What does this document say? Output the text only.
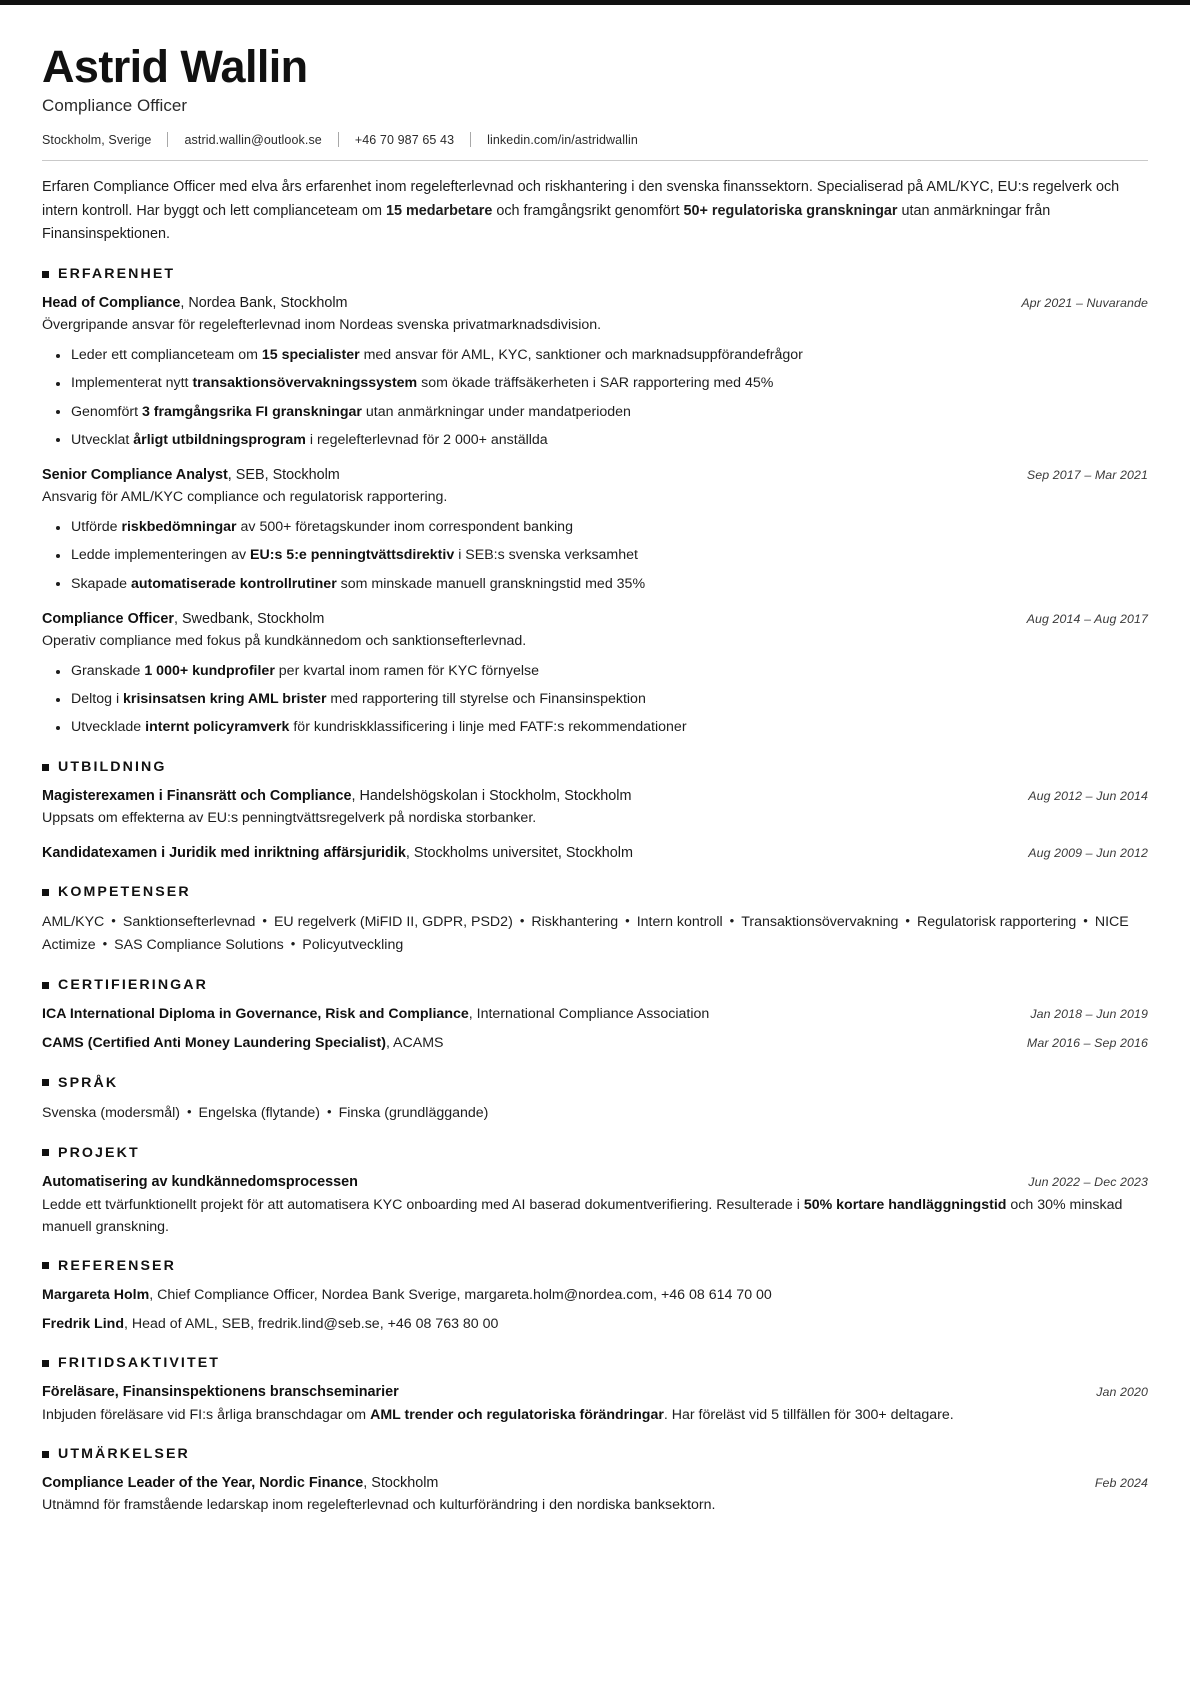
Astrid Wallin
Compliance Officer
Stockholm, Sverige	astrid.wallin@outlook.se	+46 70 987 65 43	linkedin.com/in/astridwallin

Erfaren Compliance Officer med elva års erfarenhet inom regelefterlevnad och riskhantering i den svenska finanssektorn. Specialiserad på AML/KYC, EU:s regelverk och intern kontroll. Har byggt och lett complianceteam om 15 medarbetare och framgångsrikt genomfört 50+ regulatoriska granskningar utan anmärkningar från Finansinspektionen.

ERFARENHET
Head of Compliance, Nordea Bank, Stockholm	Apr 2021 – Nuvarande
Övergripande ansvar för regelefterlevnad inom Nordeas svenska privatmarknadsdivision.
Leder ett complianceteam om 15 specialister med ansvar för AML, KYC, sanktioner och marknadsuppförandefrågor
Implementerat nytt transaktionsövervakningssystem som ökade träffsäkerheten i SAR rapportering med 45%
Genomfört 3 framgångsrika FI granskningar utan anmärkningar under mandatperioden
Utvecklat årligt utbildningsprogram i regelefterlevnad för 2 000+ anställda
Senior Compliance Analyst, SEB, Stockholm	Sep 2017 – Mar 2021
Ansvarig för AML/KYC compliance och regulatorisk rapportering.
Utförde riskbedömningar av 500+ företagskunder inom correspondent banking
Ledde implementeringen av EU:s 5:e penningtvättsdirektiv i SEB:s svenska verksamhet
Skapade automatiserade kontrollrutiner som minskade manuell granskningstid med 35%
Compliance Officer, Swedbank, Stockholm	Aug 2014 – Aug 2017
Operativ compliance med fokus på kundkännedom och sanktionsefterlevnad.
Granskade 1 000+ kundprofiler per kvartal inom ramen för KYC förnyelse
Deltog i krisinsatsen kring AML brister med rapportering till styrelse och Finansinspektion
Utvecklade internt policyramverk för kundriskklassificering i linje med FATF:s rekommendationer
UTBILDNING
Magisterexamen i Finansrätt och Compliance, Handelshögskolan i Stockholm, Stockholm	Aug 2012 – Jun 2014
Uppsats om effekterna av EU:s penningtvättsregelverk på nordiska storbanker.
Kandidatexamen i Juridik med inriktning affärsjuridik, Stockholms universitet, Stockholm	Aug 2009 – Jun 2012
KOMPETENSER
AML/KYC • Sanktionsefterlevnad • EU regelverk (MiFID II, GDPR, PSD2) • Riskhantering • Intern kontroll • Transaktionsövervakning • Regulatorisk rapportering • NICE Actimize • SAS Compliance Solutions • Policyutveckling
CERTIFIERINGAR
ICA International Diploma in Governance, Risk and Compliance, International Compliance Association	Jan 2018 – Jun 2019
CAMS (Certified Anti Money Laundering Specialist), ACAMS	Mar 2016 – Sep 2016
SPRÅK
Svenska (modersmål) • Engelska (flytande) • Finska (grundläggande)
PROJEKT
Automatisering av kundkännedomsprocessen	Jun 2022 – Dec 2023
Ledde ett tvärfunktionellt projekt för att automatisera KYC onboarding med AI baserad dokumentverifiering. Resulterade i 50% kortare handläggningstid och 30% minskad manuell granskning.
REFERENSER
Margareta Holm, Chief Compliance Officer, Nordea Bank Sverige, margareta.holm@nordea.com, +46 08 614 70 00
Fredrik Lind, Head of AML, SEB, fredrik.lind@seb.se, +46 08 763 80 00
FRITIDSAKTIVITET
Föreläsare, Finansinspektionens branschseminarier	Jan 2020
Inbjuden föreläsare vid FI:s årliga branschdagar om AML trender och regulatoriska förändringar. Har föreläst vid 5 tillfällen för 300+ deltagare.
UTMÄRKELSER
Compliance Leader of the Year, Nordic Finance, Stockholm	Feb 2024
Utnämnd för framstående ledarskap inom regelefterlevnad och kulturförändring i den nordiska banksektorn.
